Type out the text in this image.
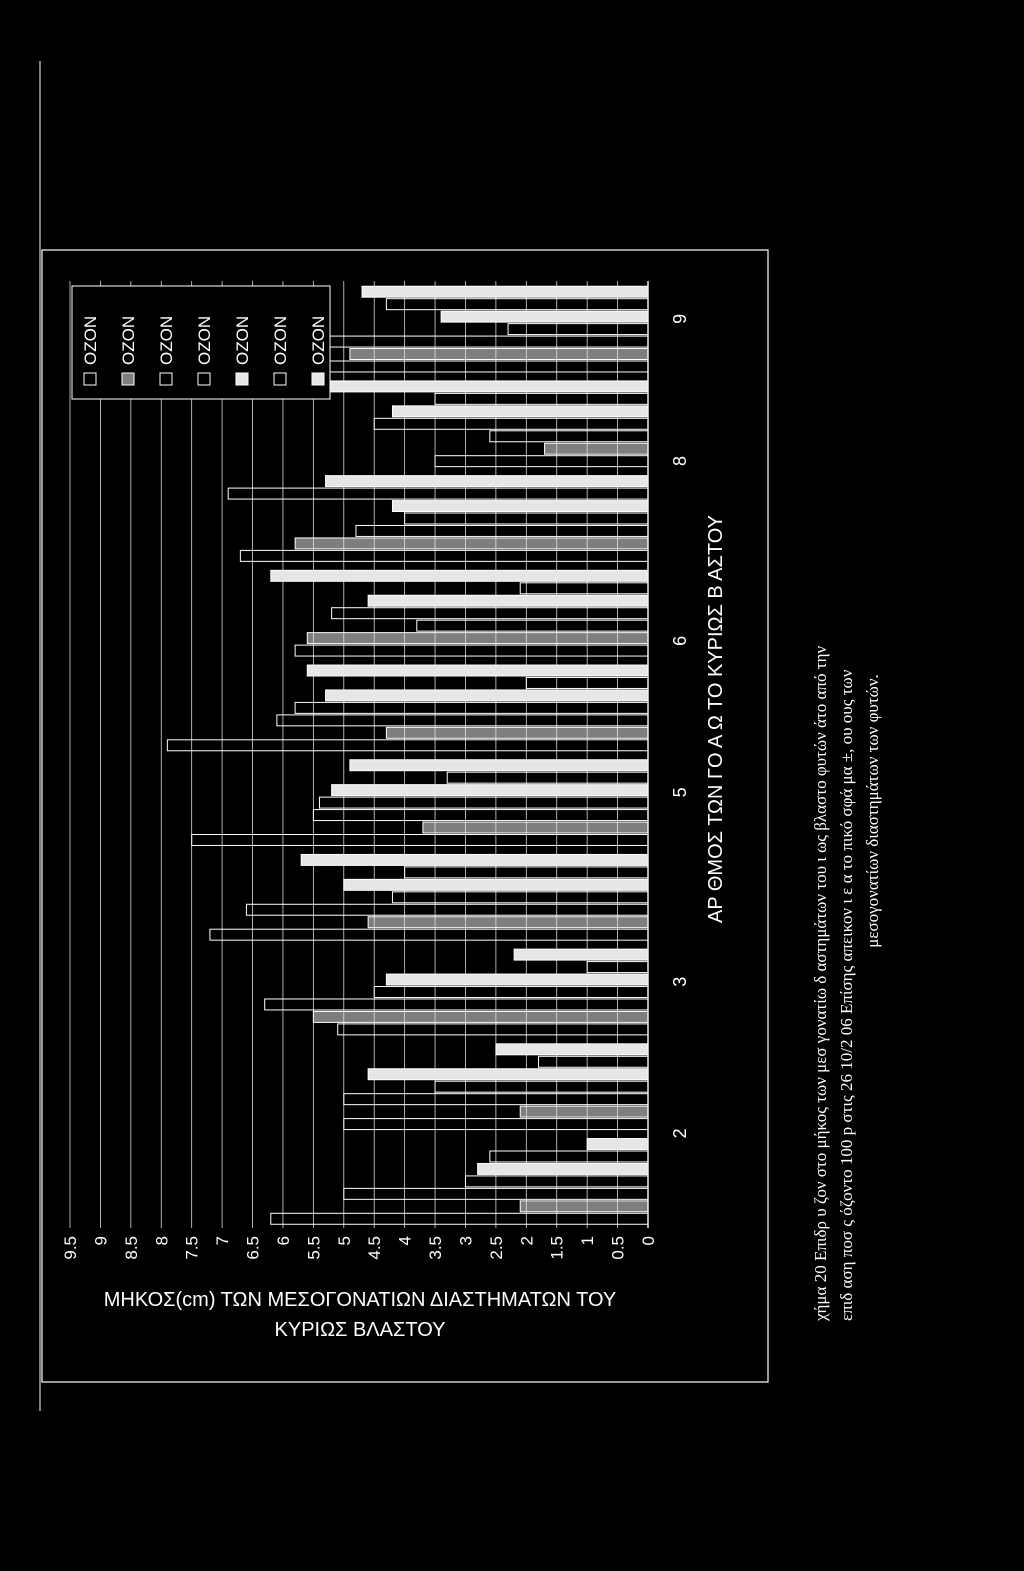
9.5 9 8.5 8 7.5 7 6.5 6 5.5 5 4.5 4 3.5 3 2.5 2 1.5 1 0.5 0
2
3
5
6
8
9
ΑΡ ΘΜΟΣ ΤΩΝ ΓΟ Α Ω ΤΟ ΚΥΡΙΩΣ Β ΑΣΤΟΥ
ΜΗΚΟΣ(cm) ΤΩΝ ΜΕΣΟΓΟΝΑΤΙΩΝ ΔΙΑΣΤΗΜΑΤΩΝ ΤΟΥ
ΚΥΡΙΩΣ ΒΛΑΣΤΟΥ
OZON OZON OZON OZON OZON OZON OZON
χήμα 20 Επιδρ υ ζον στο μήκος των μεσ γονατίω δ αστημάτων του ι ως βλαστο φυτών άτο από την επιδ αση ποσ ς όζοντο 100 p στις 26 10/2 06 Επίσης απεικον ι ε α το πικό σφά μα ±, ου ους των μεσογονατίων διαστημάτων των φυτών.
